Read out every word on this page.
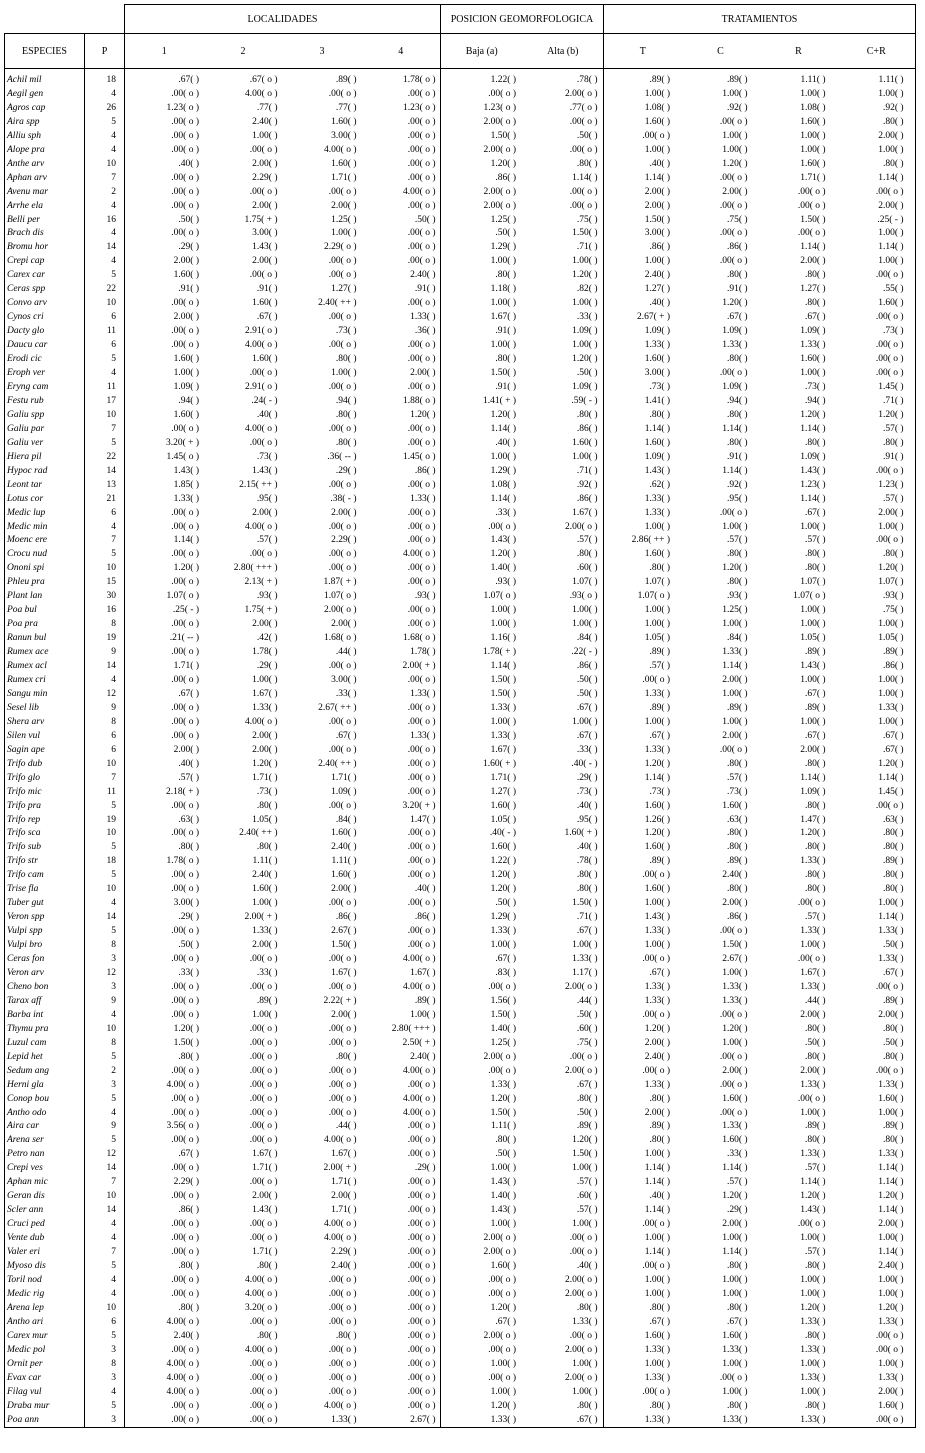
		LOCALIDADES				POSICION GEOMORFOLOGICA		TRATAMIENTOS			
ESPECIES	P	1	2	3	4	Baja (a)	Alta (b)	T	C	R	C+R

Achil mil	18	.67( )	.67( o )	.89( )	1.78( o )	1.22( )	.78( )	.89( )	.89( )	1.11( )	1.11( )
Aegil gen	4	.00( o )	4.00( o )	.00( o )	.00( o )	.00( o )	2.00( o )	1.00( )	1.00( )	1.00( )	1.00( )
Agros cap	26	1.23( o )	.77( )	.77( )	1.23( o )	1.23( o )	.77( o )	1.08( )	.92( )	1.08( )	.92( )
Aira spp	5	.00( o )	2.40( )	1.60( )	.00( o )	2.00( o )	.00( o )	1.60( )	.00( o )	1.60( )	.80( )
Alliu sph	4	.00( o )	1.00( )	3.00( )	.00( o )	1.50( )	.50( )	.00( o )	1.00( )	1.00( )	2.00( )
Alope pra	4	.00( o )	.00( o )	4.00( o )	.00( o )	2.00( o )	.00( o )	1.00( )	1.00( )	1.00( )	1.00( )
Anthe arv	10	.40( )	2.00( )	1.60( )	.00( o )	1.20( )	.80( )	.40( )	1.20( )	1.60( )	.80( )
Aphan arv	7	.00( o )	2.29( )	1.71( )	.00( o )	.86( )	1.14( )	1.14( )	.00( o )	1.71( )	1.14( )
Avenu mar	2	.00( o )	.00( o )	.00( o )	4.00( o )	2.00( o )	.00( o )	2.00( )	2.00( )	.00( o )	.00( o )
Arrhe ela	4	.00( o )	2.00( )	2.00( )	.00( o )	2.00( o )	.00( o )	2.00( )	.00( o )	.00( o )	2.00( )
Belli per	16	.50( )	1.75( + )	1.25( )	.50( )	1.25( )	.75( )	1.50( )	.75( )	1.50( )	.25( - )
Brach dis	4	.00( o )	3.00( )	1.00( )	.00( o )	.50( )	1.50( )	3.00( )	.00( o )	.00( o )	1.00( )
Bromu hor	14	.29( )	1.43( )	2.29( o )	.00( o )	1.29( )	.71( )	.86( )	.86( )	1.14( )	1.14( )
Crepi cap	4	2.00( )	2.00( )	.00( o )	.00( o )	1.00( )	1.00( )	1.00( )	.00( o )	2.00( )	1.00( )
Carex car	5	1.60( )	.00( o )	.00( o )	2.40( )	.80( )	1.20( )	2.40( )	.80( )	.80( )	.00( o )
Ceras spp	22	.91( )	.91( )	1.27( )	.91( )	1.18( )	.82( )	1.27( )	.91( )	1.27( )	.55( )
Convo arv	10	.00( o )	1.60( )	2.40( ++ )	.00( o )	1.00( )	1.00( )	.40( )	1.20( )	.80( )	1.60( )
Cynos cri	6	2.00( )	.67( )	.00( o )	1.33( )	1.67( )	.33( )	2.67( + )	.67( )	.67( )	.00( o )
Dacty glo	11	.00( o )	2.91( o )	.73( )	.36( )	.91( )	1.09( )	1.09( )	1.09( )	1.09( )	.73( )
Daucu car	6	.00( o )	4.00( o )	.00( o )	.00( o )	1.00( )	1.00( )	1.33( )	1.33( )	1.33( )	.00( o )
Erodi cic	5	1.60( )	1.60( )	.80( )	.00( o )	.80( )	1.20( )	1.60( )	.80( )	1.60( )	.00( o )
Eroph ver	4	1.00( )	.00( o )	1.00( )	2.00( )	1.50( )	.50( )	3.00( )	.00( o )	1.00( )	.00( o )
Eryng cam	11	1.09( )	2.91( o )	.00( o )	.00( o )	.91( )	1.09( )	.73( )	1.09( )	.73( )	1.45( )
Festu rub	17	.94( )	.24( - )	.94( )	1.88( o )	1.41( + )	.59( - )	1.41( )	.94( )	.94( )	.71( )
Galiu spp	10	1.60( )	.40( )	.80( )	1.20( )	1.20( )	.80( )	.80( )	.80( )	1.20( )	1.20( )
Galiu par	7	.00( o )	4.00( o )	.00( o )	.00( o )	1.14( )	.86( )	1.14( )	1.14( )	1.14( )	.57( )
Galiu ver	5	3.20( + )	.00( o )	.80( )	.00( o )	.40( )	1.60( )	1.60( )	.80( )	.80( )	.80( )
Hiera pil	22	1.45( o )	.73( )	.36( -- )	1.45( o )	1.00( )	1.00( )	1.09( )	.91( )	1.09( )	.91( )
Hypoc rad	14	1.43( )	1.43( )	.29( )	.86( )	1.29( )	.71( )	1.43( )	1.14( )	1.43( )	.00( o )
Leont tar	13	1.85( )	2.15( ++ )	.00( o )	.00( o )	1.08( )	.92( )	.62( )	.92( )	1.23( )	1.23( )
Lotus cor	21	1.33( )	.95( )	.38( - )	1.33( )	1.14( )	.86( )	1.33( )	.95( )	1.14( )	.57( )
Medic lup	6	.00( o )	2.00( )	2.00( )	.00( o )	.33( )	1.67( )	1.33( )	.00( o )	.67( )	2.00( )
Medic min	4	.00( o )	4.00( o )	.00( o )	.00( o )	.00( o )	2.00( o )	1.00( )	1.00( )	1.00( )	1.00( )
Moenc ere	7	1.14( )	.57( )	2.29( )	.00( o )	1.43( )	.57( )	2.86( ++ )	.57( )	.57( )	.00( o )
Crocu nud	5	.00( o )	.00( o )	.00( o )	4.00( o )	1.20( )	.80( )	1.60( )	.80( )	.80( )	.80( )
Ononi spi	10	1.20( )	2.80( +++ )	.00( o )	.00( o )	1.40( )	.60( )	.80( )	1.20( )	.80( )	1.20( )
Phleu pra	15	.00( o )	2.13( + )	1.87( + )	.00( o )	.93( )	1.07( )	1.07( )	.80( )	1.07( )	1.07( )
Plant lan	30	1.07( o )	.93( )	1.07( o )	.93( )	1.07( o )	.93( o )	1.07( o )	.93( )	1.07( o )	.93( )
Poa bul	16	.25( - )	1.75( + )	2.00( o )	.00( o )	1.00( )	1.00( )	1.00( )	1.25( )	1.00( )	.75( )
Poa pra	8	.00( o )	2.00( )	2.00( )	.00( o )	1.00( )	1.00( )	1.00( )	1.00( )	1.00( )	1.00( )
Ranun bul	19	.21( -- )	.42( )	1.68( o )	1.68( o )	1.16( )	.84( )	1.05( )	.84( )	1.05( )	1.05( )
Rumex ace	9	.00( o )	1.78( )	.44( )	1.78( )	1.78( + )	.22( - )	.89( )	1.33( )	.89( )	.89( )
Rumex acl	14	1.71( )	.29( )	.00( o )	2.00( + )	1.14( )	.86( )	.57( )	1.14( )	1.43( )	.86( )
Rumex cri	4	.00( o )	1.00( )	3.00( )	.00( o )	1.50( )	.50( )	.00( o )	2.00( )	1.00( )	1.00( )
Sangu min	12	.67( )	1.67( )	.33( )	1.33( )	1.50( )	.50( )	1.33( )	1.00( )	.67( )	1.00( )
Sesel lib	9	.00( o )	1.33( )	2.67( ++ )	.00( o )	1.33( )	.67( )	.89( )	.89( )	.89( )	1.33( )
Shera arv	8	.00( o )	4.00( o )	.00( o )	.00( o )	1.00( )	1.00( )	1.00( )	1.00( )	1.00( )	1.00( )
Silen vul	6	.00( o )	2.00( )	.67( )	1.33( )	1.33( )	.67( )	.67( )	2.00( )	.67( )	.67( )
Sagin ape	6	2.00( )	2.00( )	.00( o )	.00( o )	1.67( )	.33( )	1.33( )	.00( o )	2.00( )	.67( )
Trifo dub	10	.40( )	1.20( )	2.40( ++ )	.00( o )	1.60( + )	.40( - )	1.20( )	.80( )	.80( )	1.20( )
Trifo glo	7	.57( )	1.71( )	1.71( )	.00( o )	1.71( )	.29( )	1.14( )	.57( )	1.14( )	1.14( )
Trifo mic	11	2.18( + )	.73( )	1.09( )	.00( o )	1.27( )	.73( )	.73( )	.73( )	1.09( )	1.45( )
Trifo pra	5	.00( o )	.80( )	.00( o )	3.20( + )	1.60( )	.40( )	1.60( )	1.60( )	.80( )	.00( o )
Trifo rep	19	.63( )	1.05( )	.84( )	1.47( )	1.05( )	.95( )	1.26( )	.63( )	1.47( )	.63( )
Trifo sca	10	.00( o )	2.40( ++ )	1.60( )	.00( o )	.40( - )	1.60( + )	1.20( )	.80( )	1.20( )	.80( )
Trifo sub	5	.80( )	.80( )	2.40( )	.00( o )	1.60( )	.40( )	1.60( )	.80( )	.80( )	.80( )
Trifo str	18	1.78( o )	1.11( )	1.11( )	.00( o )	1.22( )	.78( )	.89( )	.89( )	1.33( )	.89( )
Trifo cam	5	.00( o )	2.40( )	1.60( )	.00( o )	1.20( )	.80( )	.00( o )	2.40( )	.80( )	.80( )
Trise fla	10	.00( o )	1.60( )	2.00( )	.40( )	1.20( )	.80( )	1.60( )	.80( )	.80( )	.80( )
Tuber gut	4	3.00( )	1.00( )	.00( o )	.00( o )	.50( )	1.50( )	1.00( )	2.00( )	.00( o )	1.00( )
Veron spp	14	.29( )	2.00( + )	.86( )	.86( )	1.29( )	.71( )	1.43( )	.86( )	.57( )	1.14( )
Vulpi spp	5	.00( o )	1.33( )	2.67( )	.00( o )	1.33( )	.67( )	1.33( )	.00( o )	1.33( )	1.33( )
Vulpi bro	8	.50( )	2.00( )	1.50( )	.00( o )	1.00( )	1.00( )	1.00( )	1.50( )	1.00( )	.50( )
Ceras fon	3	.00( o )	.00( o )	.00( o )	4.00( o )	.67( )	1.33( )	.00( o )	2.67( )	.00( o )	1.33( )
Veron arv	12	.33( )	.33( )	1.67( )	1.67( )	.83( )	1.17( )	.67( )	1.00( )	1.67( )	.67( )
Cheno bon	3	.00( o )	.00( o )	.00( o )	4.00( o )	.00( o )	2.00( o )	1.33( )	1.33( )	1.33( )	.00( o )
Tarax aff	9	.00( o )	.89( )	2.22( + )	.89( )	1.56( )	.44( )	1.33( )	1.33( )	.44( )	.89( )
Barba int	4	.00( o )	1.00( )	2.00( )	1.00( )	1.50( )	.50( )	.00( o )	.00( o )	2.00( )	2.00( )
Thymu pra	10	1.20( )	.00( o )	.00( o )	2.80( +++ )	1.40( )	.60( )	1.20( )	1.20( )	.80( )	.80( )
Luzul cam	8	1.50( )	.00( o )	.00( o )	2.50( + )	1.25( )	.75( )	2.00( )	1.00( )	.50( )	.50( )
Lepid het	5	.80( )	.00( o )	.80( )	2.40( )	2.00( o )	.00( o )	2.40( )	.00( o )	.80( )	.80( )
Sedum ang	2	.00( o )	.00( o )	.00( o )	4.00( o )	.00( o )	2.00( o )	.00( o )	2.00( )	2.00( )	.00( o )
Herni gla	3	4.00( o )	.00( o )	.00( o )	.00( o )	1.33( )	.67( )	1.33( )	.00( o )	1.33( )	1.33( )
Conop bou	5	.00( o )	.00( o )	.00( o )	4.00( o )	1.20( )	.80( )	.80( )	1.60( )	.00( o )	1.60( )
Antho odo	4	.00( o )	.00( o )	.00( o )	4.00( o )	1.50( )	.50( )	2.00( )	.00( o )	1.00( )	1.00( )
Aira car	9	3.56( o )	.00( o )	.44( )	.00( o )	1.11( )	.89( )	.89( )	1.33( )	.89( )	.89( )
Arena ser	5	.00( o )	.00( o )	4.00( o )	.00( o )	.80( )	1.20( )	.80( )	1.60( )	.80( )	.80( )
Petro nan	12	.67( )	1.67( )	1.67( )	.00( o )	.50( )	1.50( )	1.00( )	.33( )	1.33( )	1.33( )
Crepi ves	14	.00( o )	1.71( )	2.00( + )	.29( )	1.00( )	1.00( )	1.14( )	1.14( )	.57( )	1.14( )
Aphan mic	7	2.29( )	.00( o )	1.71( )	.00( o )	1.43( )	.57( )	1.14( )	.57( )	1.14( )	1.14( )
Geran dis	10	.00( o )	2.00( )	2.00( )	.00( o )	1.40( )	.60( )	.40( )	1.20( )	1.20( )	1.20( )
Scler ann	14	.86( )	1.43( )	1.71( )	.00( o )	1.43( )	.57( )	1.14( )	.29( )	1.43( )	1.14( )
Cruci ped	4	.00( o )	.00( o )	4.00( o )	.00( o )	1.00( )	1.00( )	.00( o )	2.00( )	.00( o )	2.00( )
Vente dub	4	.00( o )	.00( o )	4.00( o )	.00( o )	2.00( o )	.00( o )	1.00( )	1.00( )	1.00( )	1.00( )
Valer eri	7	.00( o )	1.71( )	2.29( )	.00( o )	2.00( o )	.00( o )	1.14( )	1.14( )	.57( )	1.14( )
Myoso dis	5	.80( )	.80( )	2.40( )	.00( o )	1.60( )	.40( )	.00( o )	.80( )	.80( )	2.40( )
Toril nod	4	.00( o )	4.00( o )	.00( o )	.00( o )	.00( o )	2.00( o )	1.00( )	1.00( )	1.00( )	1.00( )
Medic rig	4	.00( o )	4.00( o )	.00( o )	.00( o )	.00( o )	2.00( o )	1.00( )	1.00( )	1.00( )	1.00( )
Arena lep	10	.80( )	3.20( o )	.00( o )	.00( o )	1.20( )	.80( )	.80( )	.80( )	1.20( )	1.20( )
Antho ari	6	4.00( o )	.00( o )	.00( o )	.00( o )	.67( )	1.33( )	.67( )	.67( )	1.33( )	1.33( )
Carex mur	5	2.40( )	.80( )	.80( )	.00( o )	2.00( o )	.00( o )	1.60( )	1.60( )	.80( )	.00( o )
Medic pol	3	.00( o )	4.00( o )	.00( o )	.00( o )	.00( o )	2.00( o )	1.33( )	1.33( )	1.33( )	.00( o )
Ornit per	8	4.00( o )	.00( o )	.00( o )	.00( o )	1.00( )	1.00( )	1.00( )	1.00( )	1.00( )	1.00( )
Evax car	3	4.00( o )	.00( o )	.00( o )	.00( o )	.00( o )	2.00( o )	1.33( )	.00( o )	1.33( )	1.33( )
Filag vul	4	4.00( o )	.00( o )	.00( o )	.00( o )	1.00( )	1.00( )	.00( o )	1.00( )	1.00( )	2.00( )
Draba mur	5	.00( o )	.00( o )	4.00( o )	.00( o )	1.20( )	.80( )	.80( )	.80( )	.80( )	1.60( )
Poa ann	3	.00( o )	.00( o )	1.33( )	2.67( )	1.33( )	.67( )	1.33( )	1.33( )	1.33( )	.00( o )
